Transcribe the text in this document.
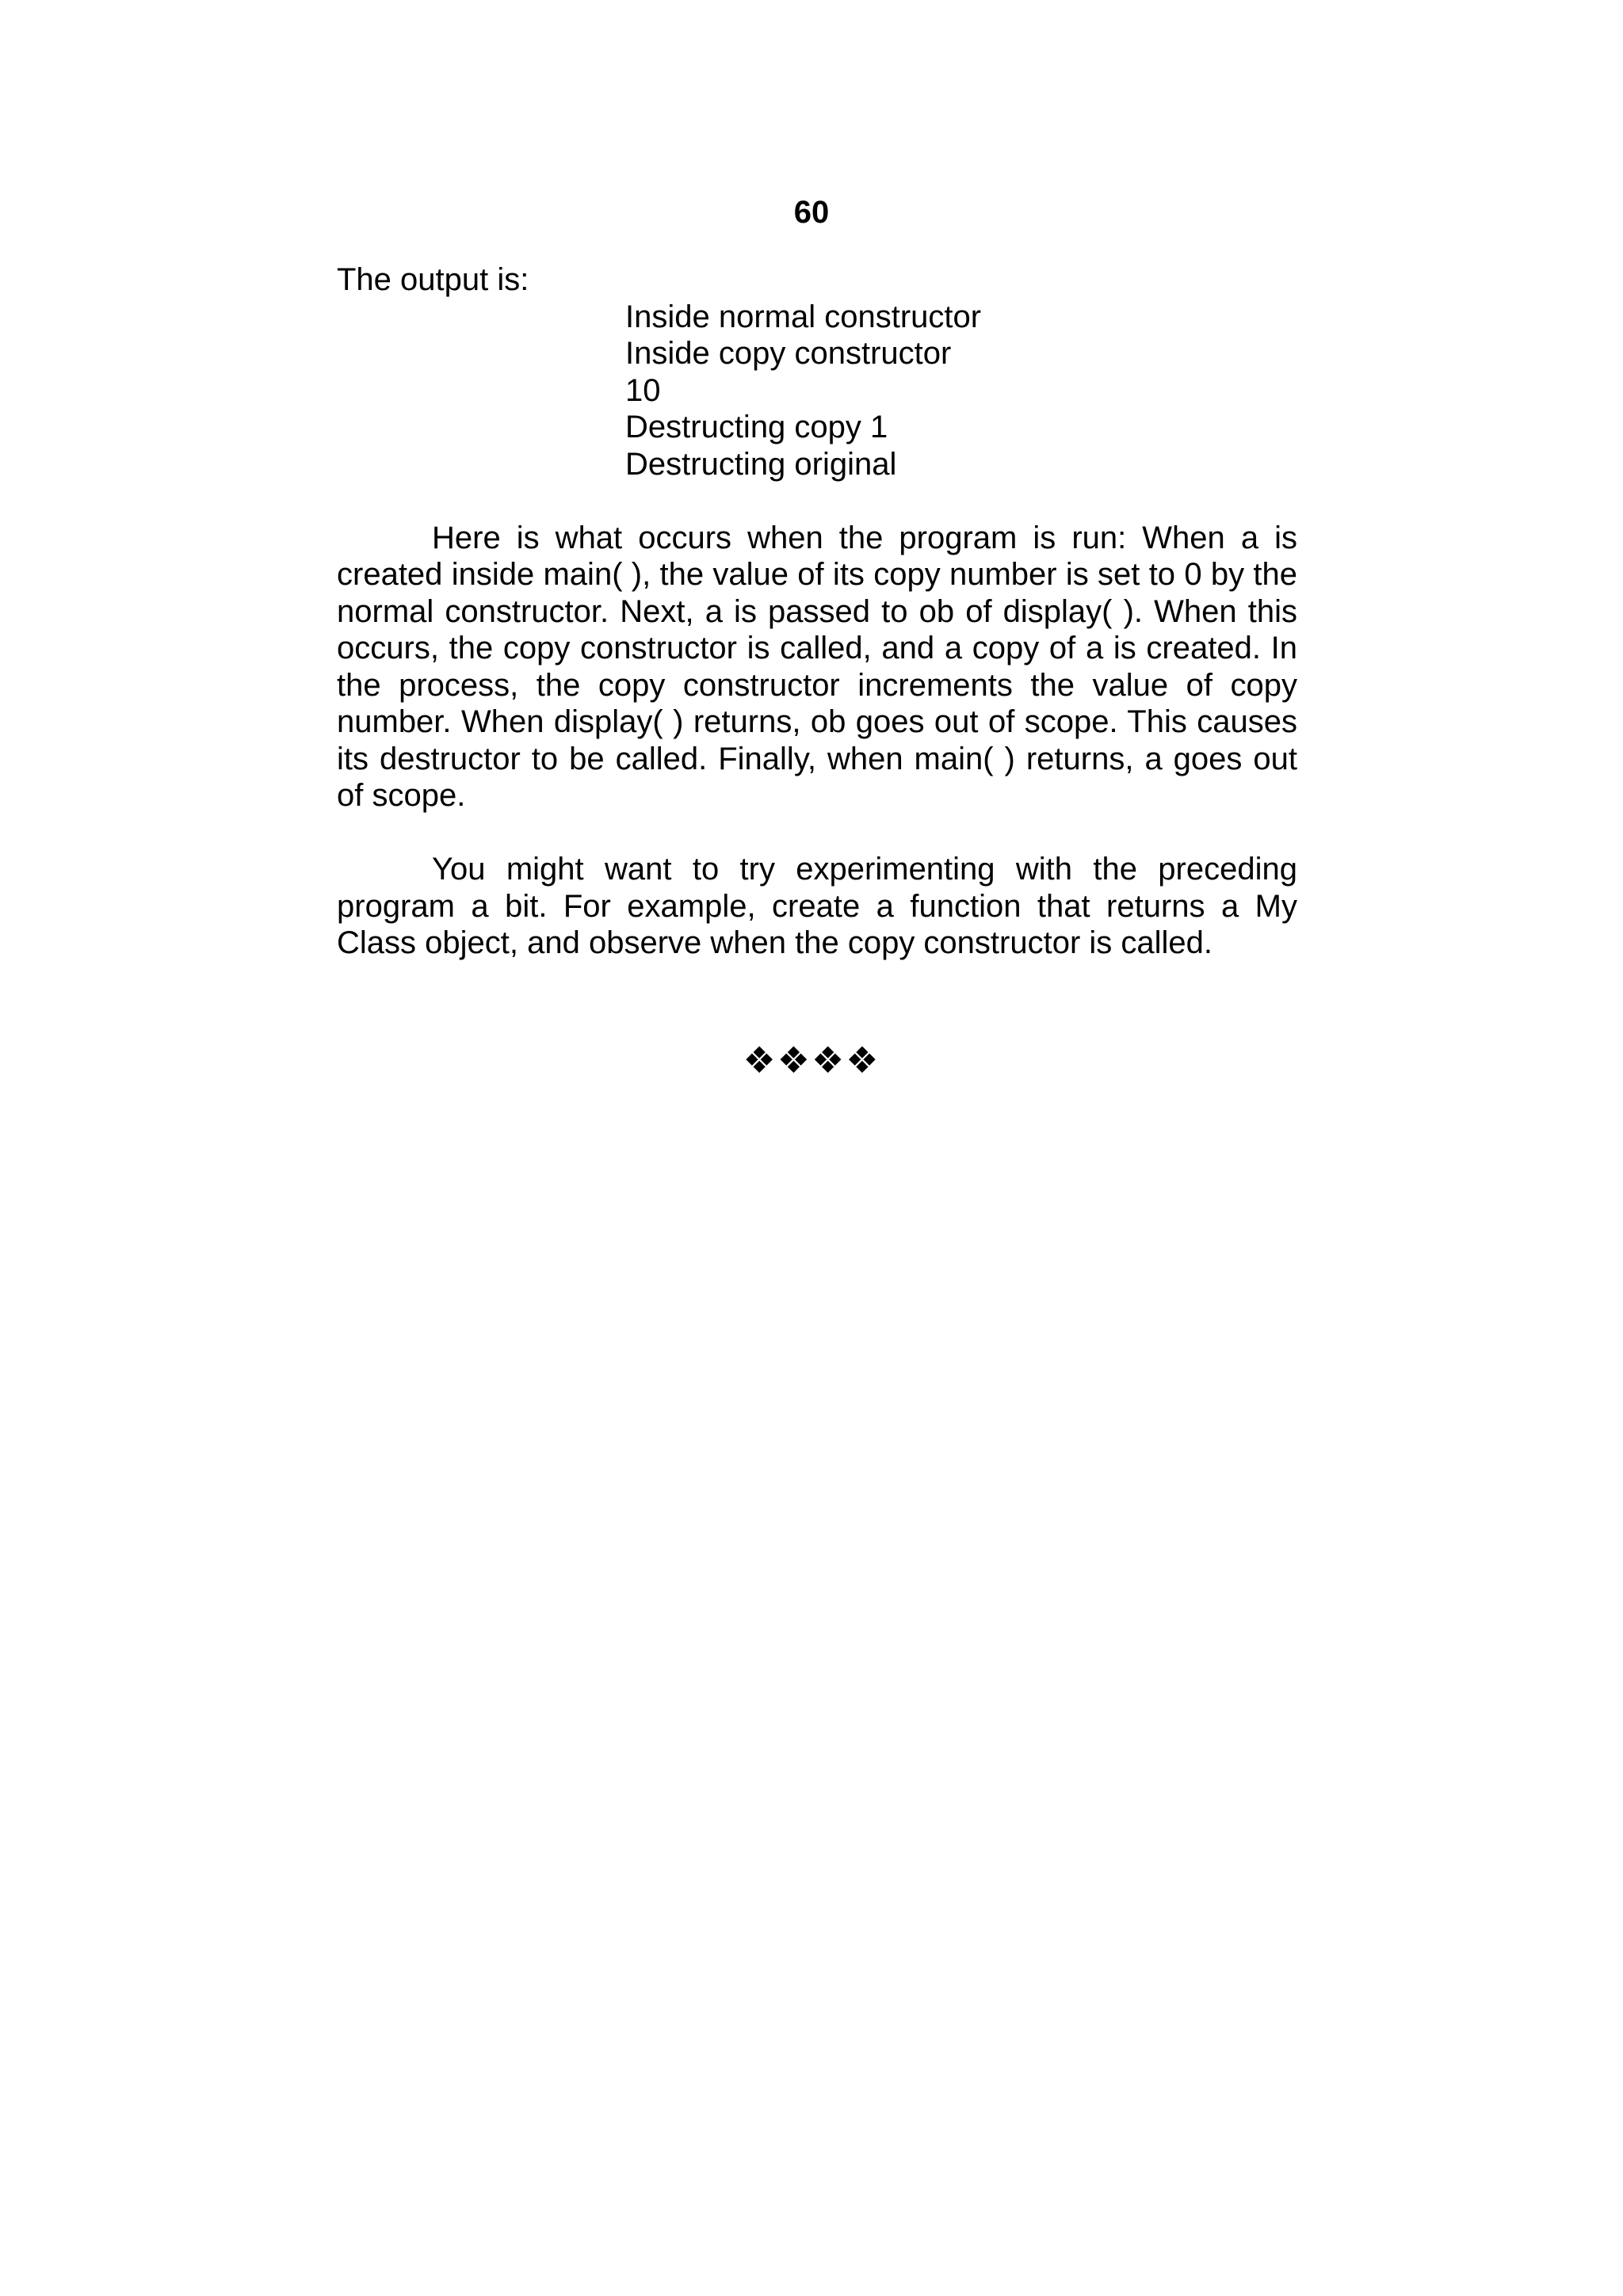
60

The output is:

Inside normal constructor
Inside copy constructor
10
Destructing copy 1
Destructing original

Here is what occurs when the program is run: When a is created inside main( ), the value of its copy number is set to 0 by the normal constructor. Next, a is passed to ob of display( ). When this occurs, the copy constructor is called, and a copy of a is created. In the process, the copy constructor increments the value of copy number. When display( ) returns, ob goes out of scope. This causes its destructor to be called. Finally, when main( ) returns, a goes out of scope.

You might want to try experimenting with the preceding program a bit. For example, create a function that returns a My Class object, and observe when the copy constructor is called.

❖❖❖❖
